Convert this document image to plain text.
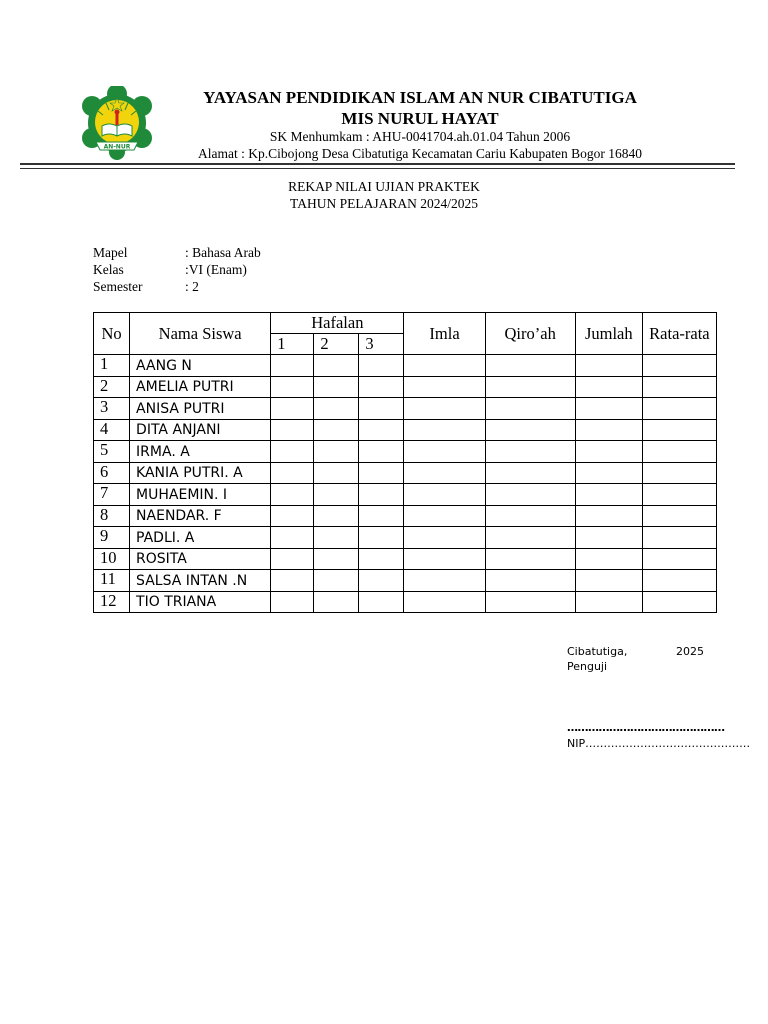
AN-NUR
YAYASAN PENDIDIKAN ISLAM AN NUR CIBATUTIGA
MIS NURUL HAYAT
SK Menhumkam : AHU-0041704.ah.01.04 Tahun 2006
Alamat : Kp.Cibojong Desa Cibatutiga Kecamatan Cariu Kabupaten Bogor 16840
REKAP NILAI UJIAN PRAKTEK
TAHUN PELAJARAN 2024/2025
Mapel	: Bahasa Arab
Kelas	:VI (Enam)
Semester	: 2
No	Nama Siswa	Hafalan			Imla	Qiro’ah	Jumlah	Rata-rata
		1	2	3				
1	AANG N							
2	AMELIA PUTRI							
3	ANISA PUTRI							
4	DITA ANJANI							
5	IRMA. A							
6	KANIA PUTRI. A							
7	MUHAEMIN. I							
8	NAENDAR. F							
9	PADLI. A							
10	ROSITA							
11	SALSA INTAN .N							
12	TIO TRIANA							
Cibatutiga,	2025
Penguji
………………………………………
NIP………………………………………
